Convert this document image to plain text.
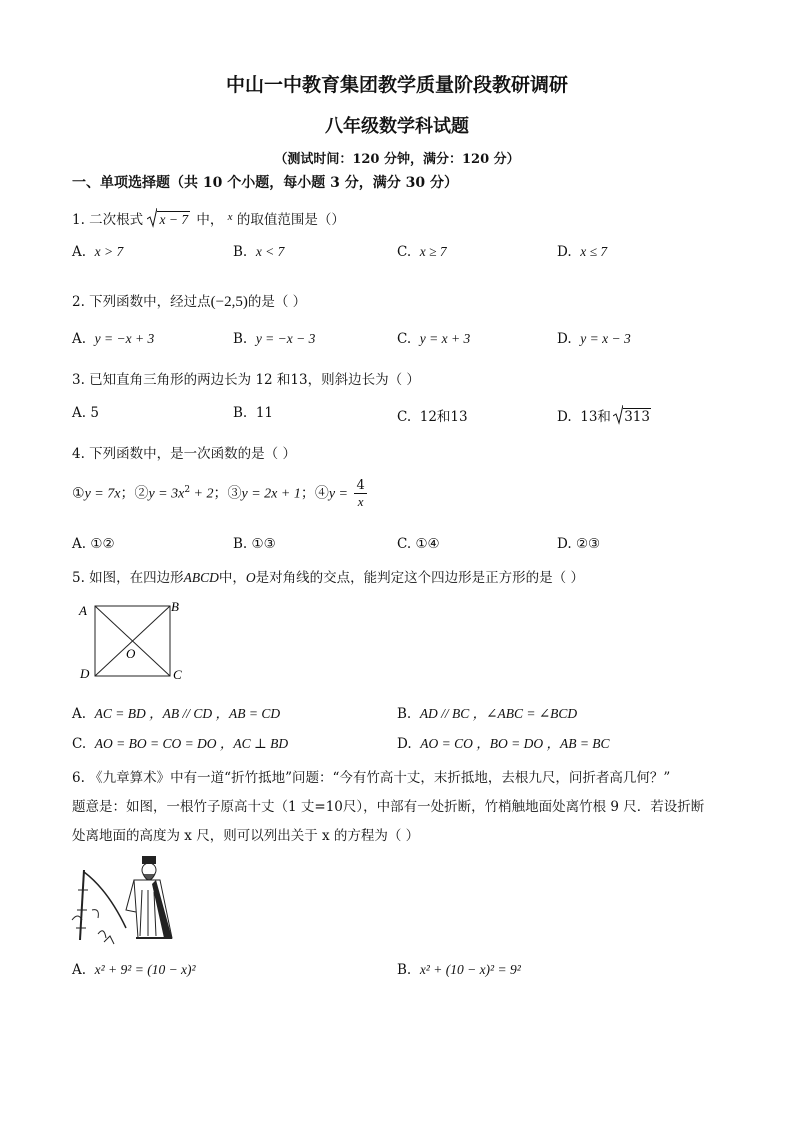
中山一中教育集团教学质量阶段教研调研
八年级数学科试题
（测试时间：120 分钟，满分：120 分）
一、单项选择题（共 10 个小题，每小题 3 分，满分 30 分）
1. 二次根式 x − 7 中， $^x$ 的取值范围是（）
A. x > 7	B. x < 7	C. x ≥ 7	D. x ≤ 7
2. 下列函数中，经过点(−2,5)的是（ ）
A. y = −x + 3	B. y = −x − 3	C. y = x + 3	D. y = x − 3
3. 已知直角三角形的两边长为 12 和13，则斜边长为（ ）
A. 5	B. 11	C. 12和13	D. 13和 313
4. 下列函数中，是一次函数的是（ ）
①y = 7x；②y = $3x^2 + 2$；③y = 2x + 1；④y = $\frac{4}{x}$
A. ①②	B. ①③	C. ①④	D. ②③
5. 如图，在四边形ABCD中，O是对角线的交点，能判定这个四边形是正方形的是（ ）
A	B
C
D
O
A. AC = BD ，AB // CD ，AB = CD	B. AD // BC ，∠ABC = ∠BCD
C. AO = BO = CO = DO ，AC ⊥ BD	D. AO = CO ，BO = DO ，AB = BC
6. 《九章算术》中有一道“折竹抵地”问题：“今有竹高十丈，末折抵地，去根九尺，问折者高几何？”
题意是：如图，一根竹子原高十丈（1 丈=10尺），中部有一处折断，竹梢触地面处离竹根 9 尺．若设折断
处离地面的高度为 x 尺，则可以列出关于 x 的方程为（ ）
A. x² + 9² = (10 − x)²	B. x² + (10 − x)² = 9²
